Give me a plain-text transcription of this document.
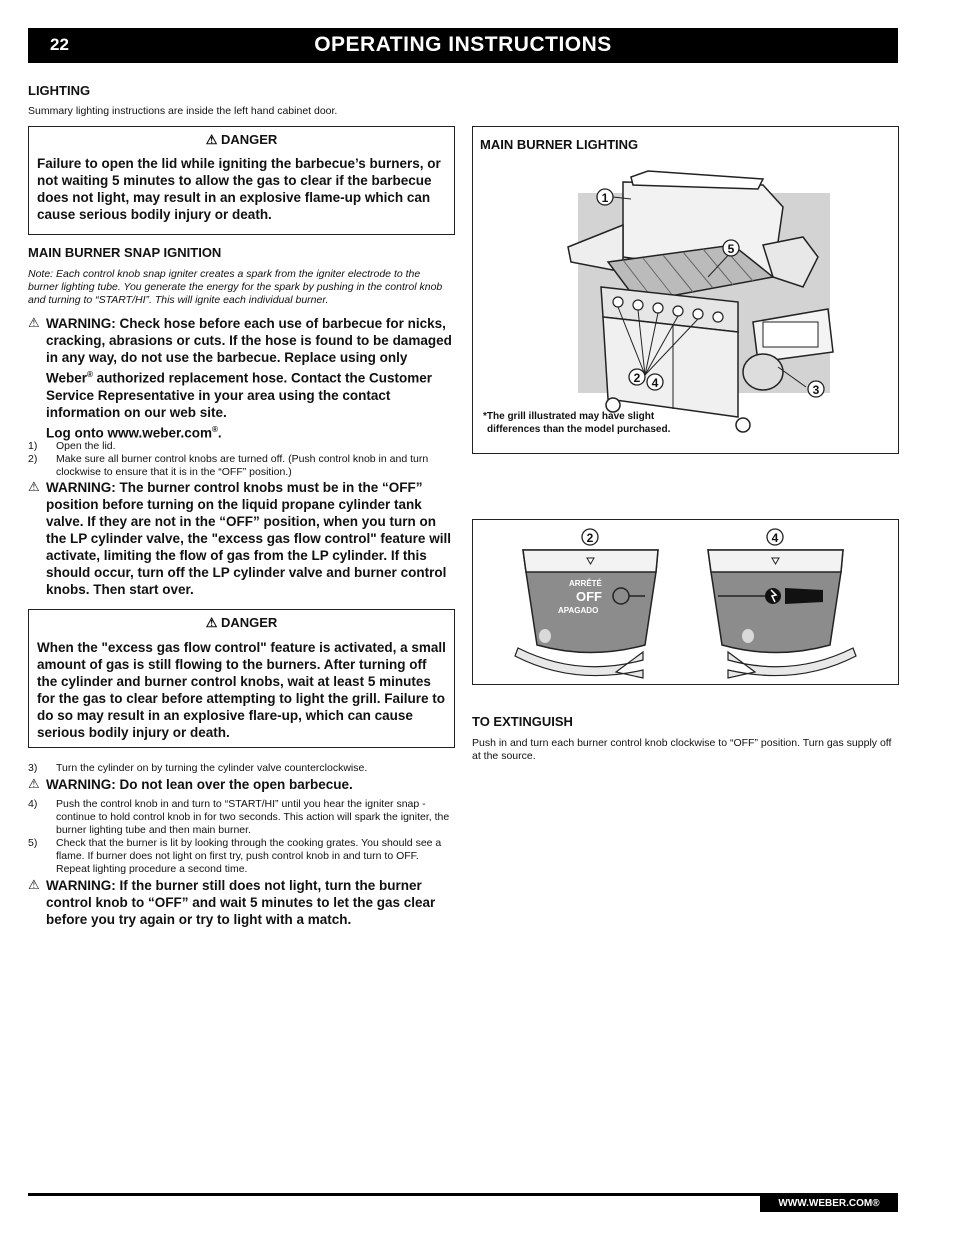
22	OPERATING INSTRUCTIONS
LIGHTING
Summary lighting instructions are inside the left hand cabinet door.
⚠ DANGER
Failure to open the lid while igniting the barbecue’s burners, or not waiting 5 minutes to allow the gas to clear if the barbecue does not light, may result in an explosive flame-up which can cause serious bodily injury or death.
MAIN BURNER SNAP IGNITION
Note: Each control knob snap igniter creates a spark from the igniter electrode to the burner lighting tube. You generate the energy for the spark by pushing in the control knob and turning to “START/HI”. This will ignite each individual burner.
⚠ WARNING: Check hose before each use of barbecue for nicks, cracking, abrasions or cuts. If the hose is found to be damaged in any way, do not use the barbecue. Replace using only Weber® authorized replacement hose. Contact the Customer Service Representative in your area using the contact information on our web site.
Log onto www.weber.com®.
1)	Open the lid.
2)	Make sure all burner control knobs are turned off. (Push control knob in and turn clockwise to ensure that it is in the “OFF” position.)
⚠ WARNING: The burner control knobs must be in the “OFF” position before turning on the liquid propane cylinder tank valve. If they are not in the “OFF” position, when you turn on the LP cylinder valve, the "excess gas flow control" feature will activate, limiting the flow of gas from the LP cylinder. If this should occur, turn off the LP cylinder valve and burner control knobs. Then start over.
⚠ DANGER
When the "excess gas flow control" feature is activated, a small amount of gas is still flowing to the burners. After turning off the cylinder and burner control knobs, wait at least 5 minutes for the gas to clear before attempting to light the grill. Failure to do so may result in an explosive flare-up, which can cause serious bodily injury or death.
3)	Turn the cylinder on by turning the cylinder valve counterclockwise.
⚠ WARNING: Do not lean over the open barbecue.
4)	Push the control knob in and turn to “START/HI” until you hear the igniter snap - continue to hold control knob in for two seconds. This action will spark the igniter, the burner lighting tube and then main burner.
5)	Check that the burner is lit by looking through the cooking grates. You should see a flame. If burner does not light on first try, push control knob in and turn to OFF. Repeat lighting procedure a second time.
⚠ WARNING: If the burner still does not light, turn the burner control knob to “OFF” and wait 5 minutes to let the gas clear before you try again or try to light with a match.
MAIN BURNER LIGHTING
1
5
2 4	3
*The grill illustrated may have slight
differences than the model purchased.
2	4
ARRÊTÉ
OFF
APAGADO
TO EXTINGUISH
Push in and turn each burner control knob clockwise to “OFF” position. Turn gas supply off at the source.
WWW.WEBER.COM®
